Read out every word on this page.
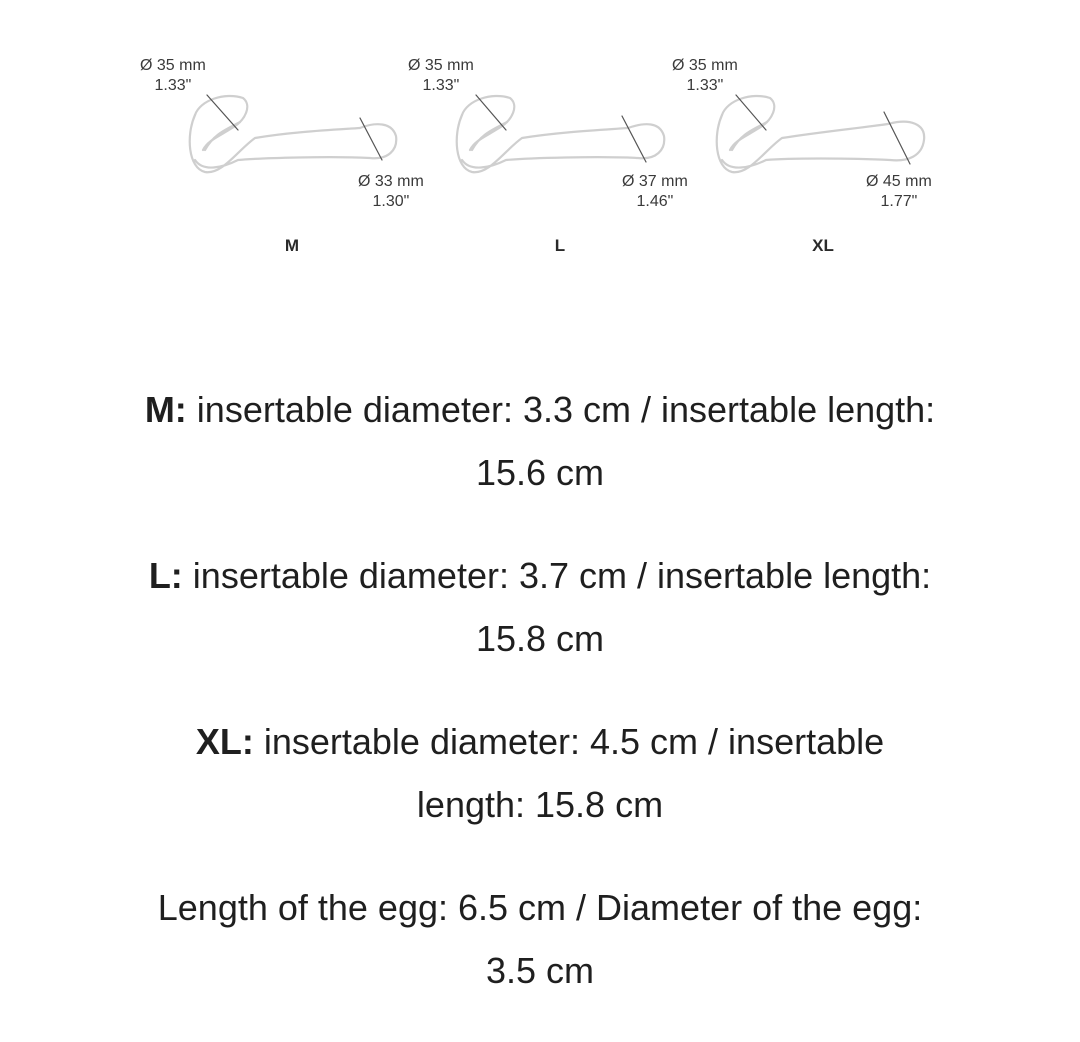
Ø 35 mm
1.33"
Ø 33 mm
1.30"
M
Ø 35 mm
1.33"
Ø 37 mm
1.46"
L
Ø 35 mm
1.33"
Ø 45 mm
1.77"
XL

M: insertable diameter: 3.3 cm / insertable length: 15.6 cm

L: insertable diameter: 3.7 cm / insertable length: 15.8 cm

XL: insertable diameter: 4.5 cm / insertable length: 15.8 cm

Length of the egg: 6.5 cm / Diameter of the egg: 3.5 cm
